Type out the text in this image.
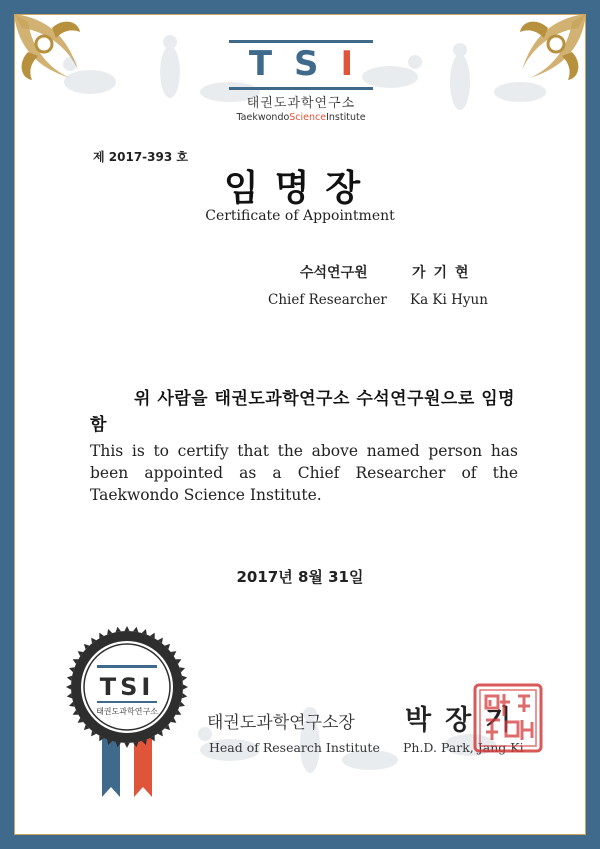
T S I
태권도과학연구소
TaekwondoScienceInstitute
제 2017-393 호
임명장
Certificate of Appointment
수석연구원	가기현
Chief Researcher Ka Ki Hyun
위 사람을 태권도과학연구소 수석연구원으로 임명함
This is to certify that the above named person has been appointed as a Chief Researcher of the Taekwondo Science Institute.
2017년 8월 31일
TSI
태권도과학연구소
태권도과학연구소장
Head of Research Institute
박장기
Ph.D. Park, Jang Ki
